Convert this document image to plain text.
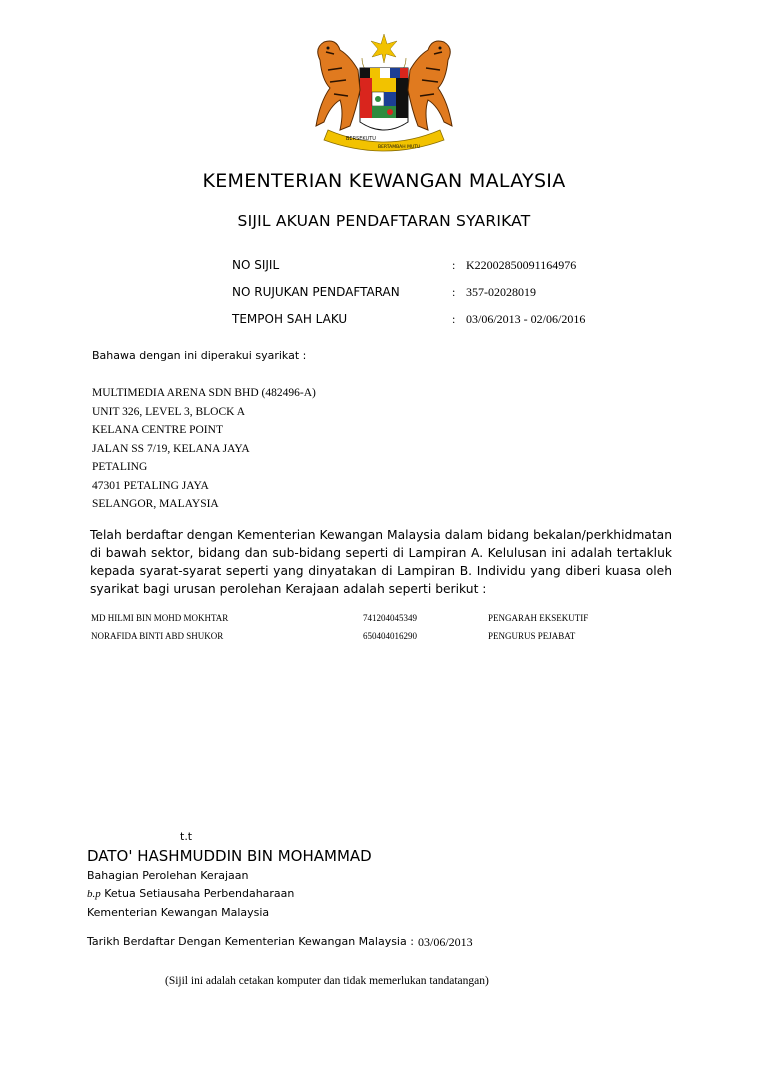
BERSEKUTU
BERTAMBAH MUTU
KEMENTERIAN KEWANGAN MALAYSIA
SIJIL AKUAN PENDAFTARAN SYARIKAT
NO SIJIL	: K22002850091164976
NO RUJUKAN PENDAFTARAN	: 357-02028019
TEMPOH SAH LAKU	: 03/06/2013 - 02/06/2016
Bahawa dengan ini diperakui syarikat :
MULTIMEDIA ARENA SDN BHD (482496-A)
UNIT 326, LEVEL 3, BLOCK A
KELANA CENTRE POINT
JALAN SS 7/19, KELANA JAYA
PETALING
47301 PETALING JAYA
SELANGOR, MALAYSIA
Telah berdaftar dengan Kementerian Kewangan Malaysia dalam bidang bekalan/perkhidmatan di bawah sektor, bidang dan sub-bidang seperti di Lampiran A. Kelulusan ini adalah tertakluk kepada syarat-syarat seperti yang dinyatakan di Lampiran B. Individu yang diberi kuasa oleh syarikat bagi urusan perolehan Kerajaan adalah seperti berikut :
MD HILMI BIN MOHD MOKHTAR	741204045349	PENGARAH EKSEKUTIF
NORAFIDA BINTI ABD SHUKOR	650404016290	PENGURUS PEJABAT
t.t
DATO' HASHMUDDIN BIN MOHAMMAD
Bahagian Perolehan Kerajaan
b.p Ketua Setiausaha Perbendaharaan
Kementerian Kewangan Malaysia
Tarikh Berdaftar Dengan Kementerian Kewangan Malaysia : 03/06/2013
(Sijil ini adalah cetakan komputer dan tidak memerlukan tandatangan)
